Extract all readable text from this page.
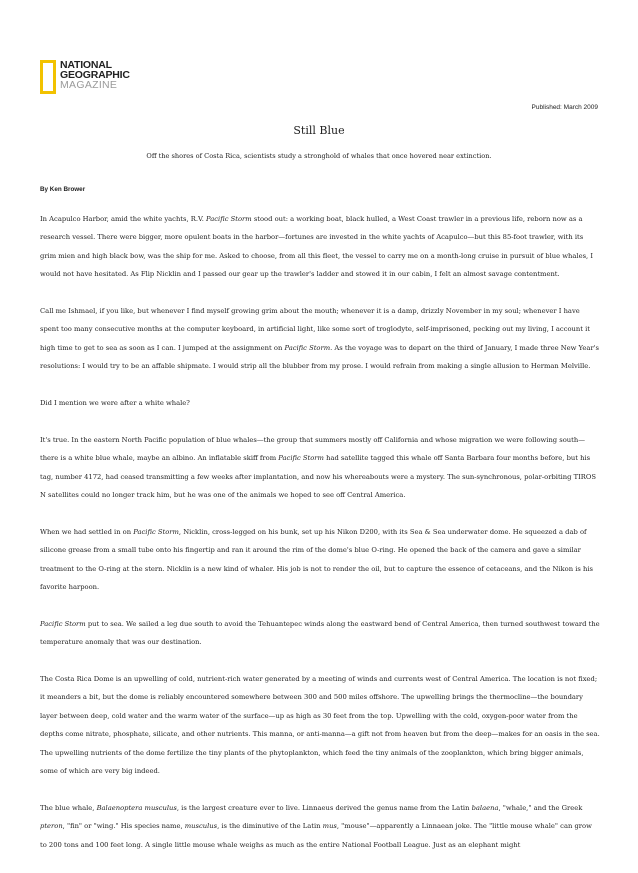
NATIONAL
GEOGRAPHIC
MAGAZINE
Published: March 2009
Still Blue
Off the shores of Costa Rica, scientists study a stronghold of whales that once hovered near extinction.
By Ken Brower

In Acapulco Harbor, amid the white yachts, R.V. Pacific Storm stood out: a working boat, black hulled, a West Coast trawler in a previous life, reborn now as a research vessel. There were bigger, more opulent boats in the harbor—fortunes are invested in the white yachts of Acapulco—but this 85-foot trawler, with its grim mien and high black bow, was the ship for me. Asked to choose, from all this fleet, the vessel to carry me on a month-long cruise in pursuit of blue whales, I would not have hesitated. As Flip Nicklin and I passed our gear up the trawler's ladder and stowed it in our cabin, I felt an almost savage contentment.

Call me Ishmael, if you like, but whenever I find myself growing grim about the mouth; whenever it is a damp, drizzly November in my soul; whenever I have spent too many consecutive months at the computer keyboard, in artificial light, like some sort of troglodyte, self-imprisoned, pecking out my living, I account it high time to get to sea as soon as I can. I jumped at the assignment on Pacific Storm. As the voyage was to depart on the third of January, I made three New Year's resolutions: I would try to be an affable shipmate. I would strip all the blubber from my prose. I would refrain from making a single allusion to Herman Melville.

Did I mention we were after a white whale?

It's true. In the eastern North Pacific population of blue whales—the group that summers mostly off California and whose migration we were following south—there is a white blue whale, maybe an albino. An inflatable skiff from Pacific Storm had satellite tagged this whale off Santa Barbara four months before, but his tag, number 4172, had ceased transmitting a few weeks after implantation, and now his whereabouts were a mystery. The sun-synchronous, polar-orbiting TIROS N satellites could no longer track him, but he was one of the animals we hoped to see off Central America.

When we had settled in on Pacific Storm, Nicklin, cross-legged on his bunk, set up his Nikon D200, with its Sea & Sea underwater dome. He squeezed a dab of silicone grease from a small tube onto his fingertip and ran it around the rim of the dome's blue O-ring. He opened the back of the camera and gave a similar treatment to the O-ring at the stern. Nicklin is a new kind of whaler. His job is not to render the oil, but to capture the essence of cetaceans, and the Nikon is his favorite harpoon.

Pacific Storm put to sea. We sailed a leg due south to avoid the Tehuantepec winds along the eastward bend of Central America, then turned southwest toward the temperature anomaly that was our destination.

The Costa Rica Dome is an upwelling of cold, nutrient-rich water generated by a meeting of winds and currents west of Central America. The location is not fixed; it meanders a bit, but the dome is reliably encountered somewhere between 300 and 500 miles offshore. The upwelling brings the thermocline—the boundary layer between deep, cold water and the warm water of the surface—up as high as 30 feet from the top. Upwelling with the cold, oxygen-poor water from the depths come nitrate, phosphate, silicate, and other nutrients. This manna, or anti-manna—a gift not from heaven but from the deep—makes for an oasis in the sea. The upwelling nutrients of the dome fertilize the tiny plants of the phytoplankton, which feed the tiny animals of the zooplankton, which bring bigger animals, some of which are very big indeed.

The blue whale, Balaenoptera musculus, is the largest creature ever to live. Linnaeus derived the genus name from the Latin balaena, "whale," and the Greek pteron, "fin" or "wing." His species name, musculus, is the diminutive of the Latin mus, "mouse"—apparently a Linnaean joke. The "little mouse whale" can grow to 200 tons and 100 feet long. A single little mouse whale weighs as much as the entire National Football League. Just as an elephant might
